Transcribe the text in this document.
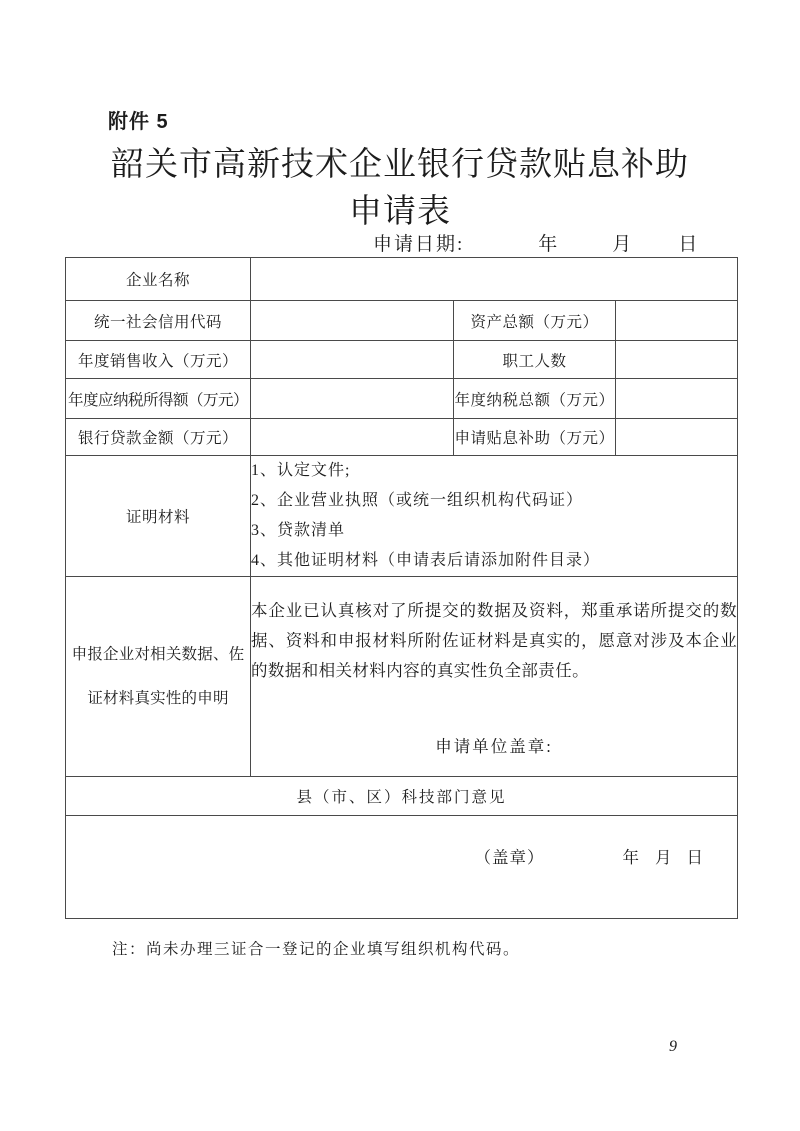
附件 5
韶关市高新技术企业银行贷款贴息补助
申请表
申请日期:	年	月 日
企业名称			
统一社会信用代码		资产总额（万元）	
年度销售收入（万元）		职工人数	
年度应纳税所得额（万元）		年度纳税总额（万元）	
银行贷款金额（万元）		申请贴息补助（万元）	
证明材料	1、认定文件;
2、企业营业执照（或统一组织机构代码证）
3、贷款清单
4、其他证明材料（申请表后请添加附件目录）		

申报企业对相关数据、佐
证材料真实性的申明

本企业已认真核对了所提交的数据及资料，郑重承诺所提交的数据、资料和申报材料所附佐证材料是真实的，愿意对涉及本企业的数据和相关材料内容的真实性负全部责任。
申请单位盖章:

县（市、区）科技部门意见			

（盖章） 年 月 日			
注：尚未办理三证合一登记的企业填写组织机构代码。
9
